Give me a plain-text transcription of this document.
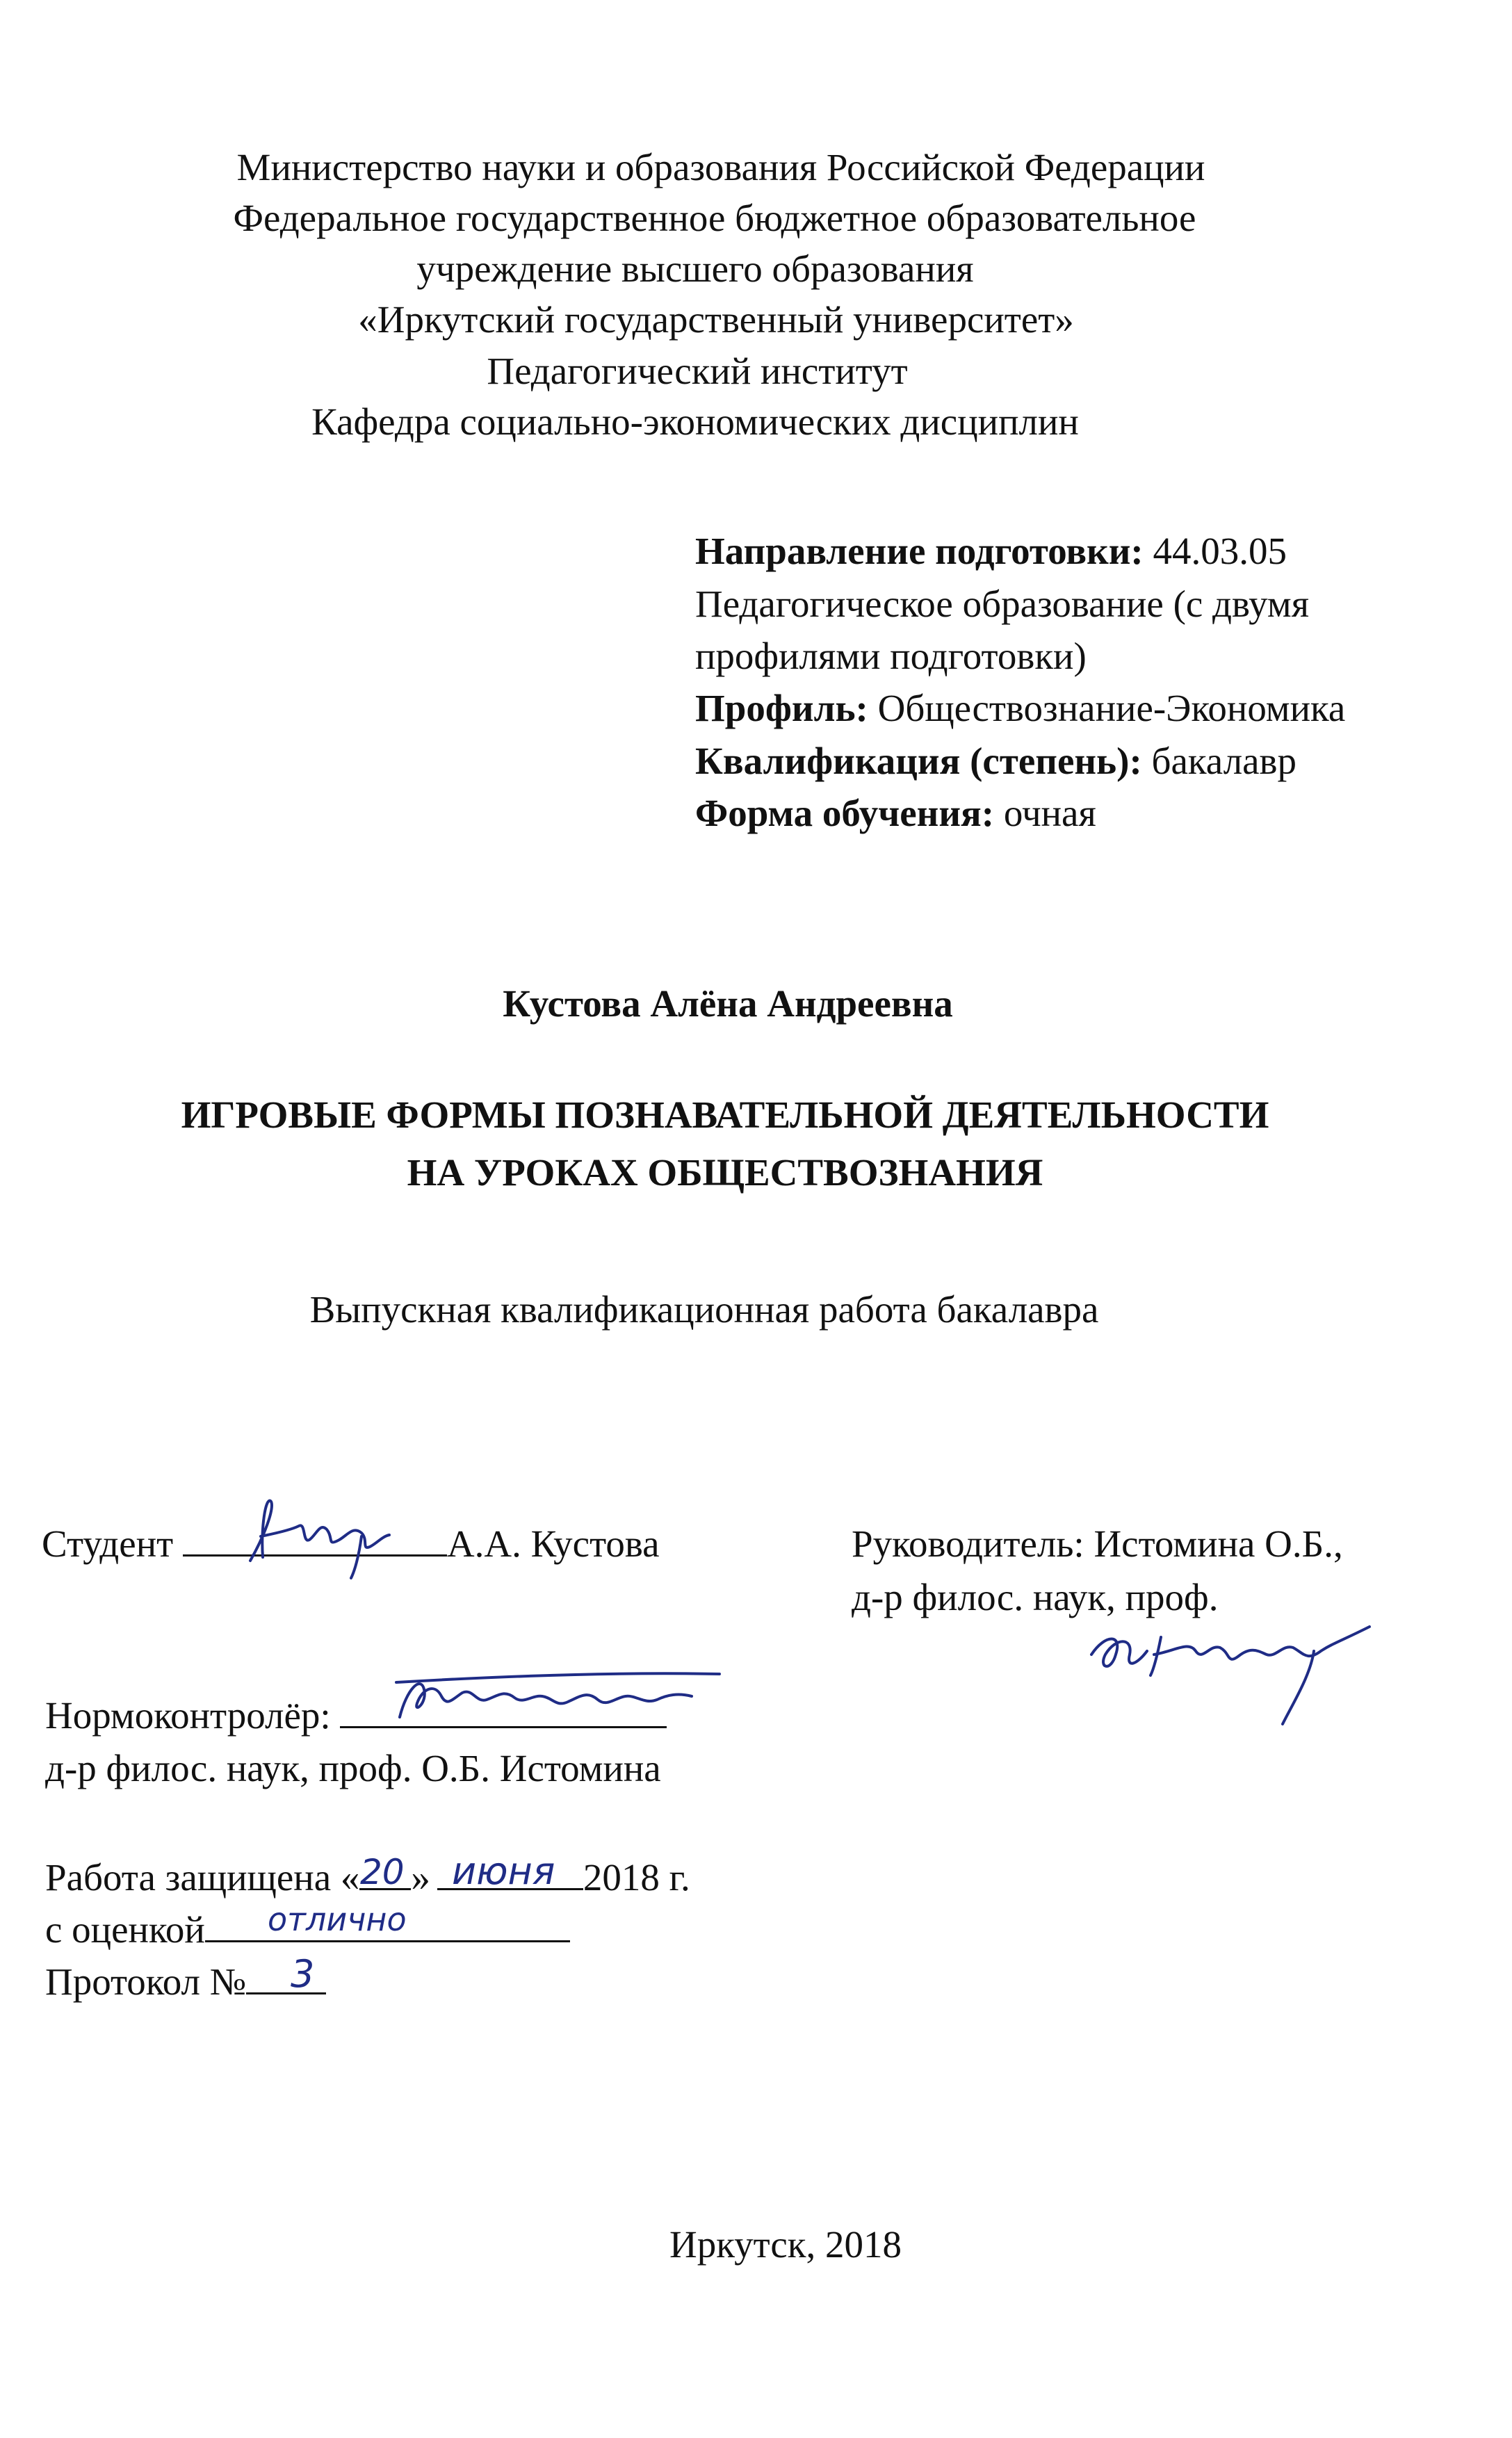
Министерство науки и образования Российской Федерации
Федеральное государственное бюджетное образовательное
учреждение высшего образования
«Иркутский государственный университет»
Педагогический институт
Кафедра социально-экономических дисциплин
Направление подготовки: 44.03.05
Педагогическое образование (с двумя
профилями подготовки)
Профиль: Обществознание-Экономика
Квалификация (степень): бакалавр
Форма обучения: очная
Кустова Алёна Андреевна
ИГРОВЫЕ ФОРМЫ ПОЗНАВАТЕЛЬНОЙ ДЕЯТЕЛЬНОСТИ
НА УРОКАХ ОБЩЕСТВОЗНАНИЯ
Выпускная квалификационная работа бакалавра
Студент	А.А. Кустова	Руководитель: Истомина О.Б.,
д-р филос. наук, проф.
Нормоконтролёр:
д-р филос. наук, проф. О.Б. Истомина
Работа защищена « »	2018 г.
20 июня
с оценкой	отлично
Протокол №	3
Иркутск, 2018
